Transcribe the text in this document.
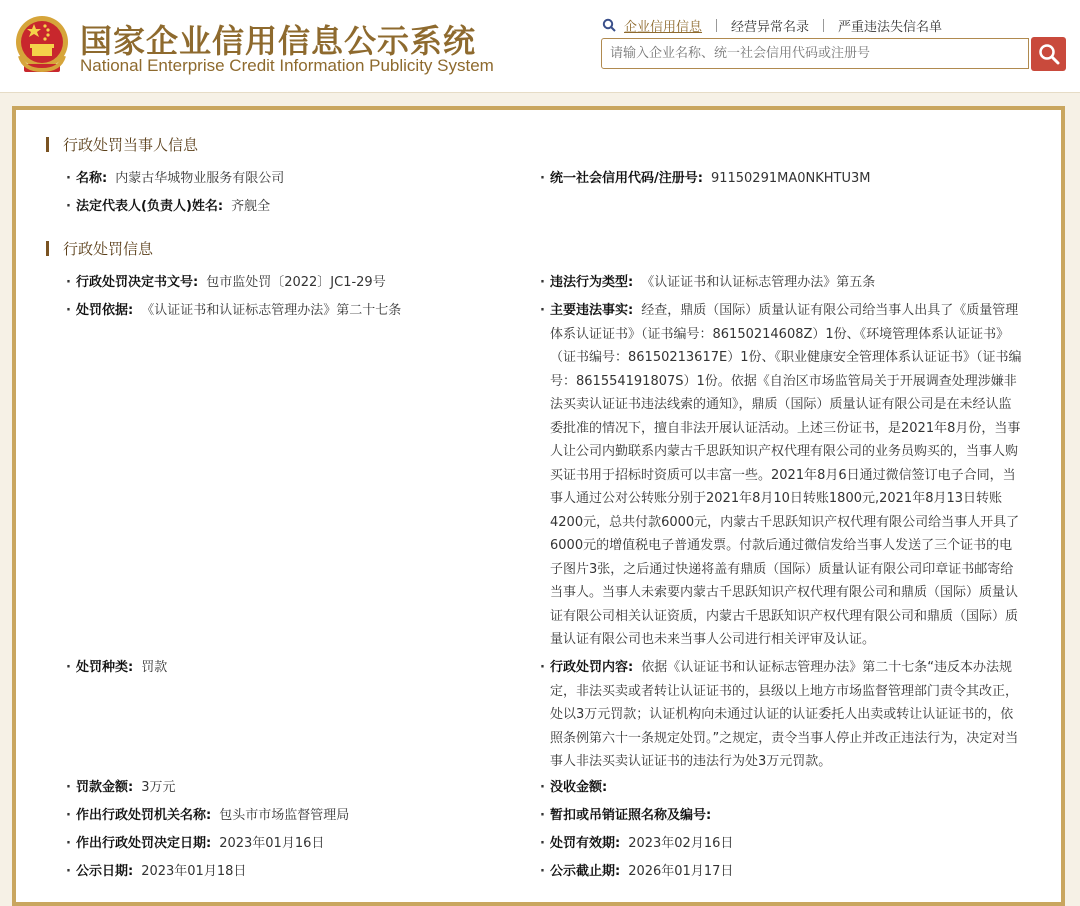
国家企业信用信息公示系统
National Enterprise Credit Information Publicity System
企业信用信息 经营异常名录 严重违法失信名单
请输入企业名称、统一社会信用代码或注册号
行政处罚当事人信息
· 名称: 内蒙古华城物业服务有限公司	· 统一社会信用代码/注册号: 91150291MA0NKHTU3M
· 法定代表人(负责人)姓名: 齐舰全
行政处罚信息
· 行政处罚决定书文号: 包市监处罚〔2022〕JC1-29号	· 违法行为类型: 《认证证书和认证标志管理办法》第五条
· 处罚依据: 《认证证书和认证标志管理办法》第二十七条	· 主要违法事实: 经查，鼎质（国际）质量认证有限公司给当事人出具了《质量管理体系认证证书》（证书编号：86150214608Z）1份、《环境管理体系认证证书》（证书编号：86150213617E）1份、《职业健康安全管理体系认证证书》（证书编号：861554191807S）1份。依据《自治区市场监管局关于开展调查处理涉嫌非法买卖认证证书违法线索的通知》，鼎质（国际）质量认证有限公司是在未经认监委批准的情况下，擅自非法开展认证活动。上述三份证书，是2021年8月份，当事人让公司内勤联系内蒙古千思跃知识产权代理有限公司的业务员购买的，当事人购买证书用于招标时资质可以丰富一些。2021年8月6日通过微信签订电子合同，当事人通过公对公转账分别于2021年8月10日转账1800元,2021年8月13日转账4200元，总共付款6000元，内蒙古千思跃知识产权代理有限公司给当事人开具了6000元的增值税电子普通发票。付款后通过微信发给当事人发送了三个证书的电子图片3张，之后通过快递将盖有鼎质（国际）质量认证有限公司印章证书邮寄给当事人。当事人未索要内蒙古千思跃知识产权代理有限公司和鼎质（国际）质量认证有限公司相关认证资质，内蒙古千思跃知识产权代理有限公司和鼎质（国际）质量认证有限公司也未来当事人公司进行相关评审及认证。
· 处罚种类: 罚款	· 行政处罚内容: 依据《认证证书和认证标志管理办法》第二十七条“违反本办法规定，非法买卖或者转让认证证书的，县级以上地方市场监督管理部门责令其改正，处以3万元罚款；认证机构向未通过认证的认证委托人出卖或转让认证证书的，依照条例第六十一条规定处罚。”之规定，责令当事人停止并改正违法行为，决定对当事人非法买卖认证证书的违法行为处3万元罚款。
· 罚款金额: 3万元	· 没收金额:
· 作出行政处罚机关名称: 包头市市场监督管理局	· 暂扣或吊销证照名称及编号:
· 作出行政处罚决定日期: 2023年01月16日	· 处罚有效期: 2023年02月16日
· 公示日期: 2023年01月18日	· 公示截止期: 2026年01月17日
